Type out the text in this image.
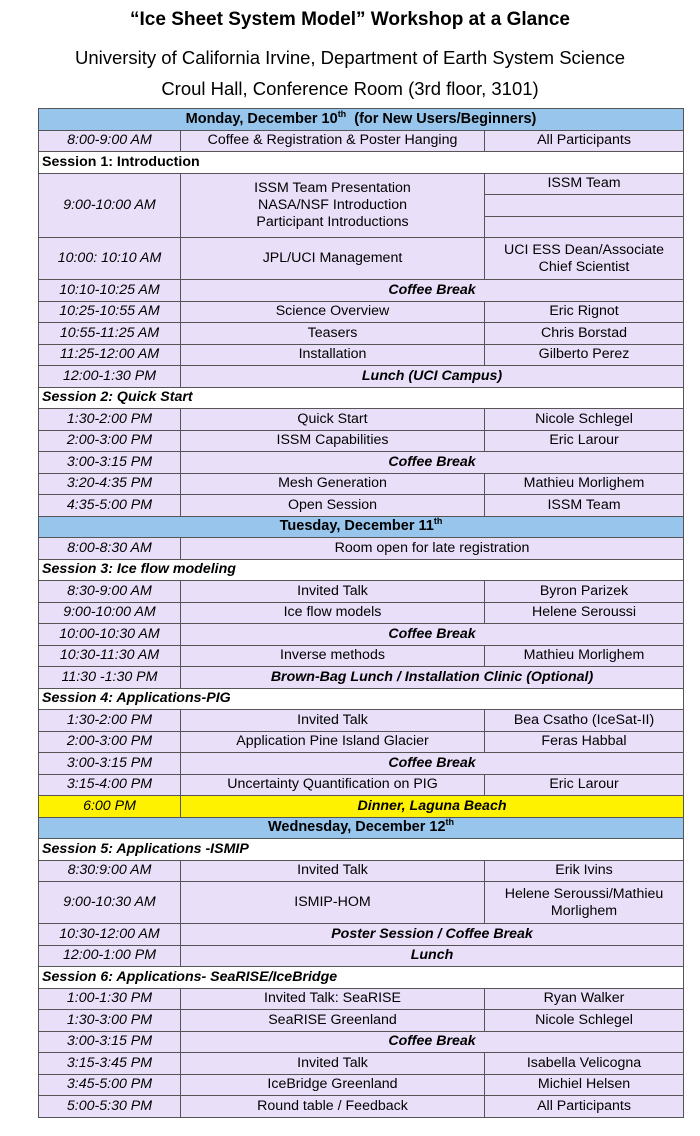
“Ice Sheet System Model” Workshop at a Glance
University of California Irvine, Department of Earth System Science
Croul Hall, Conference Room (3rd floor, 3101)
Monday, December 10th (for New Users/Beginners)		
8:00-9:00 AM	Coffee & Registration & Poster Hanging	All Participants
Session 1: Introduction		
9:00-10:00 AM	ISSM Team Presentation
NASA/NSF Introduction
Participant Introductions	ISSM Team

10:00: 10:10 AM	JPL/UCI Management	UCI ESS Dean/Associate
Chief Scientist

10:10-10:25 AM	Coffee Break	
10:25-10:55 AM	Science Overview	Eric Rignot
10:55-11:25 AM	Teasers	Chris Borstad
11:25-12:00 AM	Installation	Gilberto Perez
12:00-1:30 PM	Lunch (UCI Campus)	
Session 2: Quick Start		
1:30-2:00 PM	Quick Start	Nicole Schlegel
2:00-3:00 PM	ISSM Capabilities	Eric Larour
3:00-3:15 PM	Coffee Break	
3:20-4:35 PM	Mesh Generation	Mathieu Morlighem
4:35-5:00 PM	Open Session	ISSM Team
Tuesday, December 11th
8:00-8:30 AM	Room open for late registration	
Session 3: Ice flow modeling		
8:30-9:00 AM	Invited Talk	Byron Parizek
9:00-10:00 AM	Ice flow models	Helene Seroussi
10:00-10:30 AM	Coffee Break	
10:30-11:30 AM	Inverse methods	Mathieu Morlighem
11:30 -1:30 PM	Brown-Bag Lunch / Installation Clinic (Optional)	
Session 4: Applications-PIG		
1:30-2:00 PM	Invited Talk	Bea Csatho (IceSat-II)
2:00-3:00 PM	Application Pine Island Glacier	Feras Habbal
3:00-3:15 PM	Coffee Break	
3:15-4:00 PM	Uncertainty Quantification on PIG	Eric Larour
6:00 PM	Dinner, Laguna Beach	
Wednesday, December 12th
Session 5: Applications -ISMIP		
8:30:9:00 AM	Invited Talk	Erik Ivins
9:00-10:30 AM	ISMIP-HOM	Helene Seroussi/Mathieu
Morlighem

10:30-12:00 AM	Poster Session / Coffee Break	
12:00-1:00 PM	Lunch	
Session 6: Applications- SeaRISE/IceBridge		
1:00-1:30 PM	Invited Talk: SeaRISE	Ryan Walker
1:30-3:00 PM	SeaRISE Greenland	Nicole Schlegel
3:00-3:15 PM	Coffee Break	
3:15-3:45 PM	Invited Talk	Isabella Velicogna
3:45-5:00 PM	IceBridge Greenland	Michiel Helsen
5:00-5:30 PM	Round table / Feedback	All Participants
